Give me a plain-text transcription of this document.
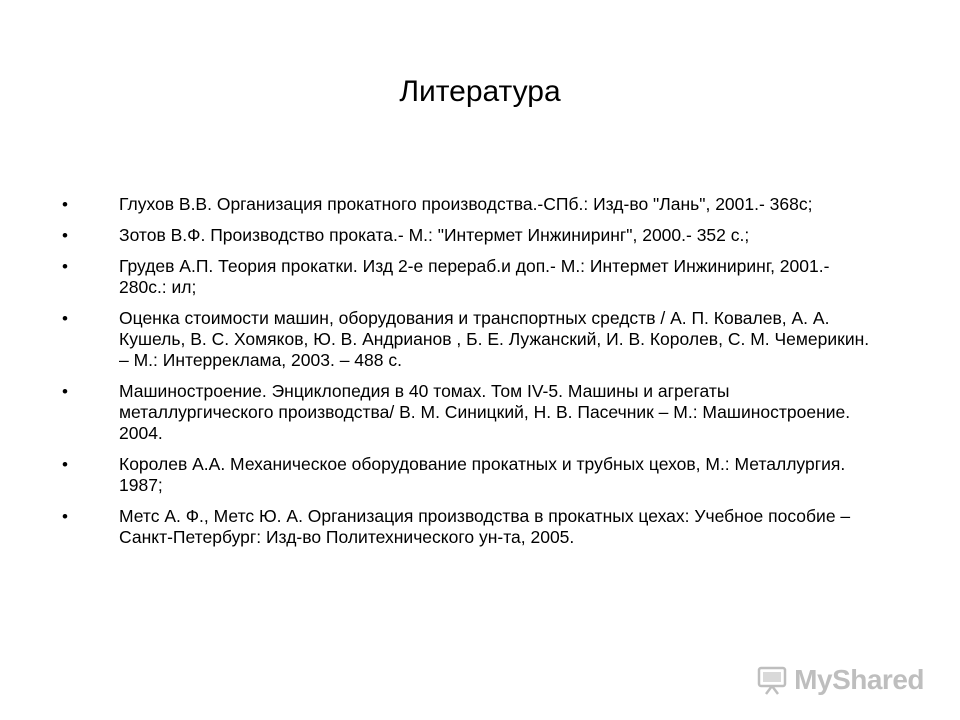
Литература
•	Глухов В.В. Организация прокатного производства.-СПб.: Изд-во "Лань", 2001.- 368с;
•	Зотов В.Ф. Производство проката.- М.: "Интермет Инжиниринг", 2000.- 352 с.;
•	Грудев А.П. Теория прокатки. Изд 2-е перераб.и доп.- М.: Интермет Инжиниринг, 2001.- 280с.: ил;
•	Оценка стоимости машин, оборудования и транспортных средств / А. П. Ковалев, А. А. Кушель, В. С. Хомяков, Ю. В. Андрианов , Б. Е. Лужанский, И. В. Королев, С. М. Чемерикин. – М.: Интерреклама, 2003. – 488 с.
•	Машиностроение. Энциклопедия в 40 томах. Том IV-5. Машины и агрегаты металлургического производства/ В. М. Синицкий, Н. В. Пасечник – М.: Машиностроение. 2004.
•	Королев А.А. Механическое оборудование прокатных и трубных цехов, М.: Металлургия. 1987;
•	Метс А. Ф., Метс Ю. А. Организация производства в прокатных цехах: Учебное пособие – Санкт-Петербург: Изд-во Политехнического ун-та, 2005.
MyShared
